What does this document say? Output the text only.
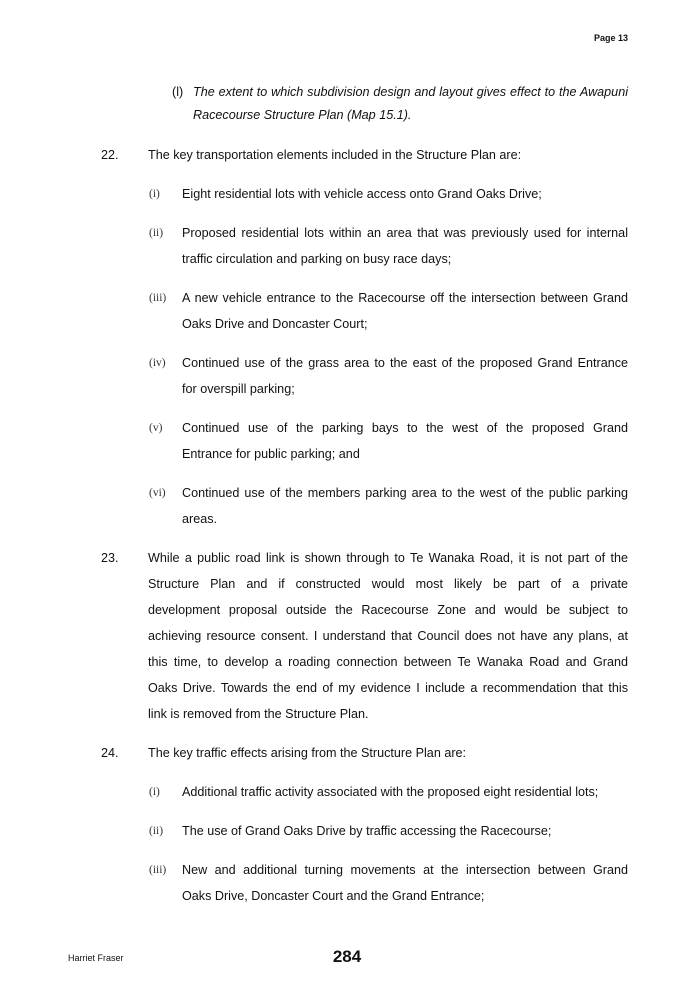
Page 13
(l) The extent to which subdivision design and layout gives effect to the Awapuni
Racecourse Structure Plan (Map 15.1).
22. The key transportation elements included in the Structure Plan are:
(i) Eight residential lots with vehicle access onto Grand Oaks Drive;
(ii) Proposed residential lots within an area that was previously used for internal
traffic circulation and parking on busy race days;
(iii) A new vehicle entrance to the Racecourse off the intersection between Grand
Oaks Drive and Doncaster Court;
(iv) Continued use of the grass area to the east of the proposed Grand Entrance
for overspill parking;
(v) Continued use of the parking bays to the west of the proposed Grand
Entrance for public parking; and
(vi) Continued use of the members parking area to the west of the public parking
areas.
23. While a public road link is shown through to Te Wanaka Road, it is not part of the
Structure Plan and if constructed would most likely be part of a private
development proposal outside the Racecourse Zone and would be subject to
achieving resource consent. I understand that Council does not have any plans, at
this time, to develop a roading connection between Te Wanaka Road and Grand
Oaks Drive. Towards the end of my evidence I include a recommendation that this
link is removed from the Structure Plan.
24. The key traffic effects arising from the Structure Plan are:
(i) Additional traffic activity associated with the proposed eight residential lots;
(ii) The use of Grand Oaks Drive by traffic accessing the Racecourse;
(iii) New and additional turning movements at the intersection between Grand
Oaks Drive, Doncaster Court and the Grand Entrance;
Harriet Fraser	284
